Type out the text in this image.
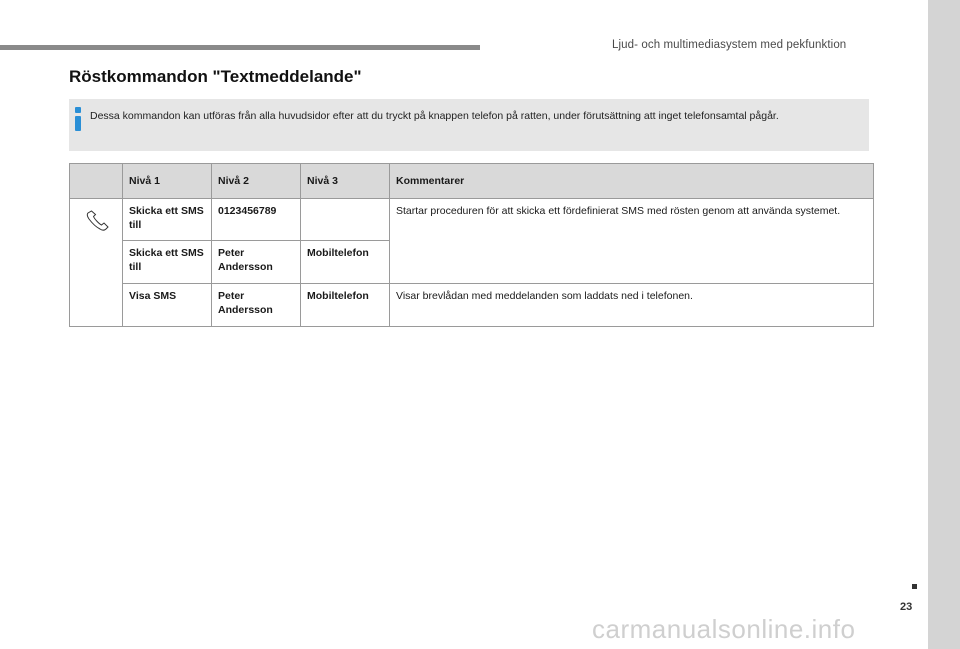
Ljud- och multimediasystem med pekfunktion
Röstkommandon "Textmeddelande"
Dessa kommandon kan utföras från alla huvudsidor efter att du tryckt på knappen telefon på ratten, under förutsättning att inget telefonsamtal pågår.
	Nivå 1	Nivå 2	Nivå 3	Kommentarer

	Skicka ett SMS till	0123456789		Startar proceduren för att skicka ett fördefinierat SMS med rösten genom att använda systemet.
	Skicka ett SMS till	Peter Andersson	Mobiltelefon	
	Visa SMS	Peter Andersson	Mobiltelefon	Visar brevlådan med meddelanden som laddats ned i telefonen.
23
carmanualsonline.info
